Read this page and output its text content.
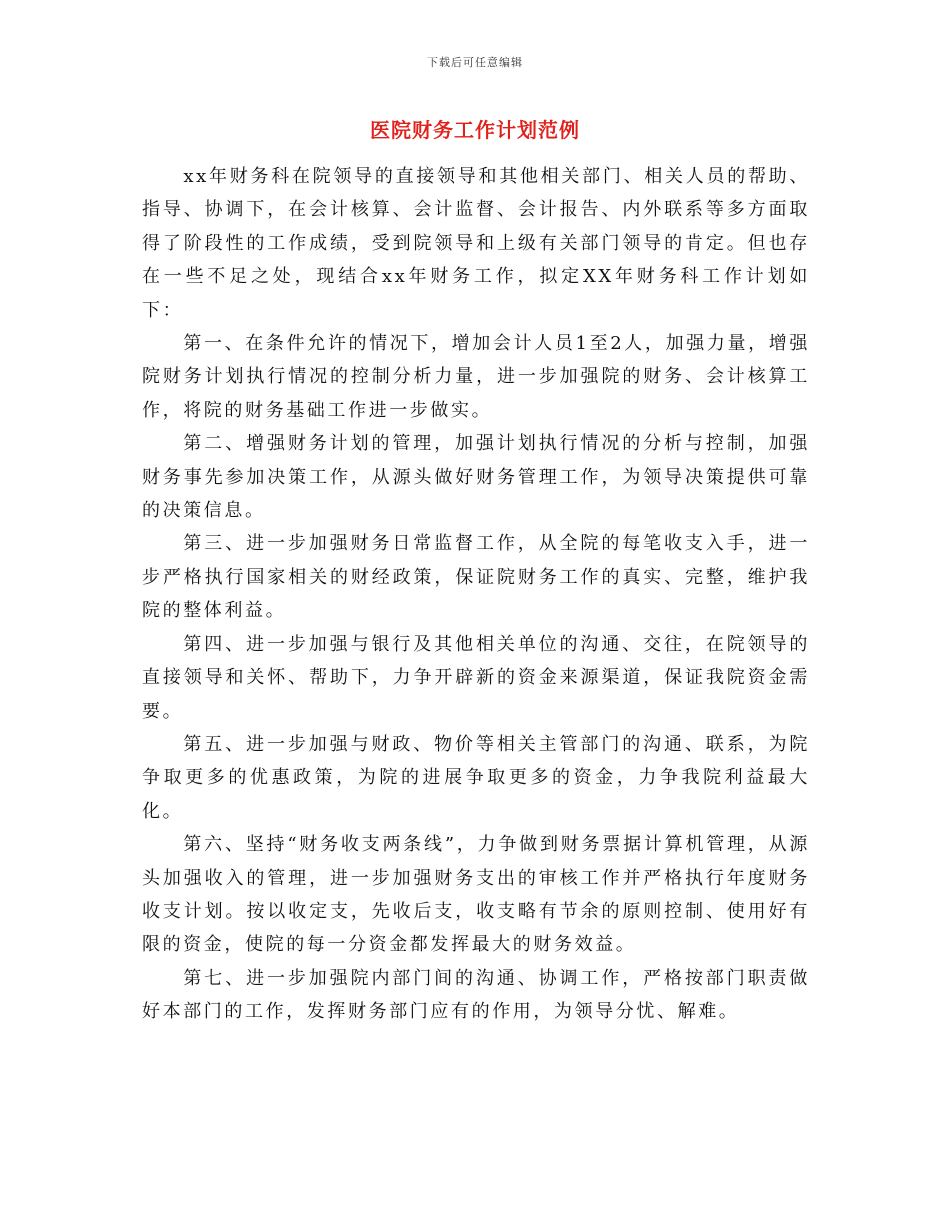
下载后可任意编辑
医院财务工作计划范例

xx年财务科在院领导的直接领导和其他相关部门、相关人员的帮助、指导、协调下，在会计核算、会计监督、会计报告、内外联系等多方面取得了阶段性的工作成绩，受到院领导和上级有关部门领导的肯定。但也存在一些不足之处，现结合xx年财务工作，拟定XX年财务科工作计划如下：

第一、在条件允许的情况下，增加会计人员1至2人，加强力量，增强院财务计划执行情况的控制分析力量，进一步加强院的财务、会计核算工作，将院的财务基础工作进一步做实。

第二、增强财务计划的管理，加强计划执行情况的分析与控制，加强财务事先参加决策工作，从源头做好财务管理工作，为领导决策提供可靠的决策信息。

第三、进一步加强财务日常监督工作，从全院的每笔收支入手，进一步严格执行国家相关的财经政策，保证院财务工作的真实、完整，维护我院的整体利益。

第四、进一步加强与银行及其他相关单位的沟通、交往，在院领导的直接领导和关怀、帮助下，力争开辟新的资金来源渠道，保证我院资金需要。

第五、进一步加强与财政、物价等相关主管部门的沟通、联系，为院争取更多的优惠政策，为院的进展争取更多的资金，力争我院利益最大化。

第六、坚持“财务收支两条线”，力争做到财务票据计算机管理，从源头加强收入的管理，进一步加强财务支出的审核工作并严格执行年度财务收支计划。按以收定支，先收后支，收支略有节余的原则控制、使用好有限的资金，使院的每一分资金都发挥最大的财务效益。

第七、进一步加强院内部门间的沟通、协调工作，严格按部门职责做好本部门的工作，发挥财务部门应有的作用，为领导分忧、解难。
